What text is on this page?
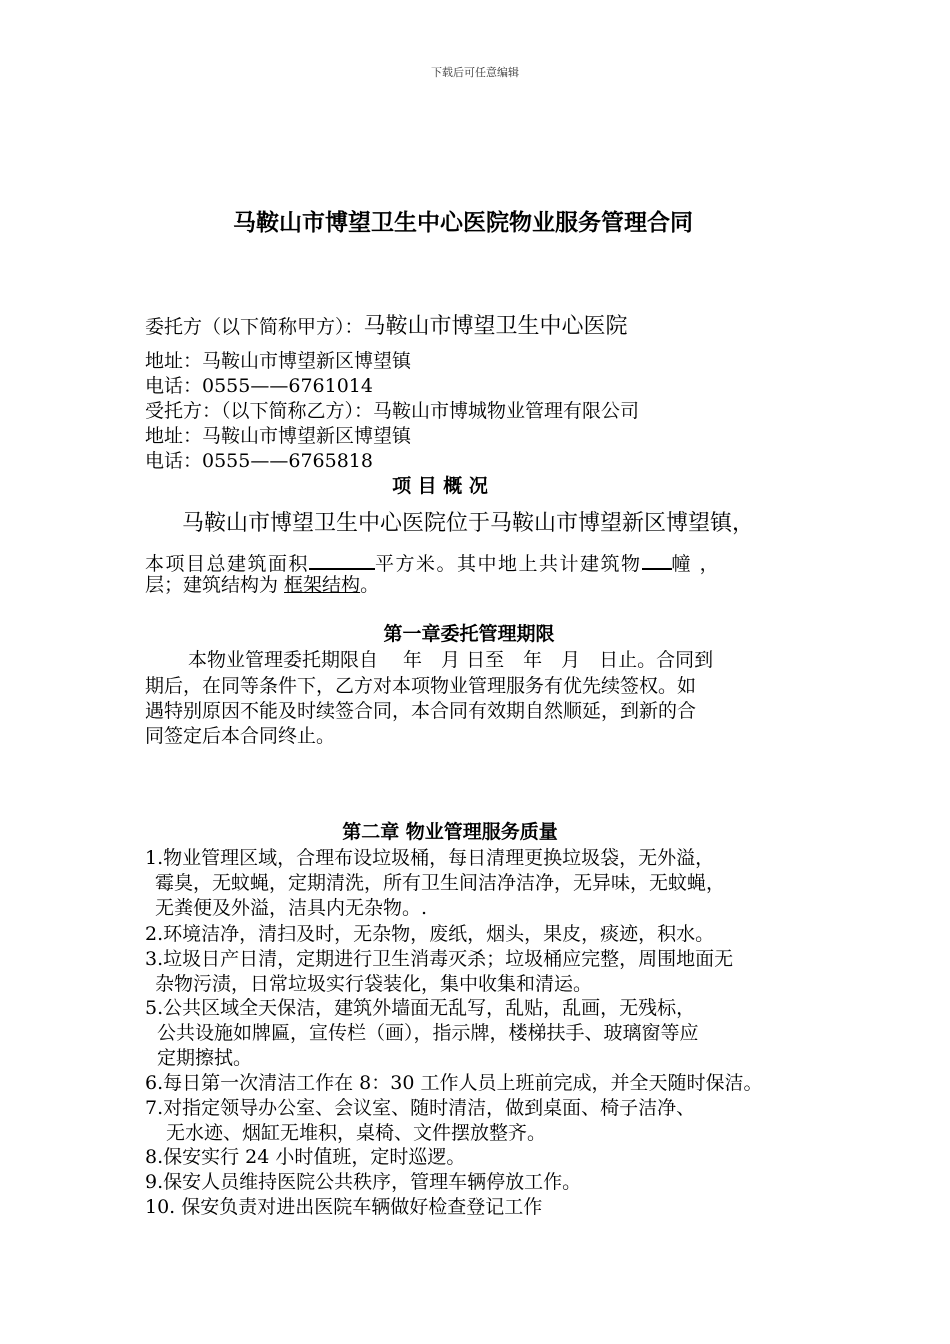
下载后可任意编辑
马鞍山市博望卫生中心医院物业服务管理合同
委托方（以下简称甲方）：马鞍山市博望卫生中心医院
地址：马鞍山市博望新区博望镇
电话：0555——6761014
受托方：（以下简称乙方）：马鞍山市博城物业管理有限公司
地址：马鞍山市博望新区博望镇
电话：0555——6765818
项 目 概 况
马鞍山市博望卫生中心医院位于马鞍山市博望新区博望镇，
本项目总建筑面积	平方米。其中地上共计建筑物 幢 ，
层；建筑结构为 框架结构。
第一章委托管理期限
本物业管理委托期限自　 年　月 日至　年　月　日止。合同到
期后，在同等条件下，乙方对本项物业管理服务有优先续签权。如
遇特别原因不能及时续签合同，本合同有效期自然顺延，到新的合
同签定后本合同终止。
第二章 物业管理服务质量
1.物业管理区域，合理布设垃圾桶，每日清理更换垃圾袋，无外溢，
霉臭，无蚊蝇，定期清洗，所有卫生间洁净洁净，无异味，无蚊蝇，
无粪便及外溢，洁具内无杂物。.
2.环境洁净，清扫及时，无杂物，废纸，烟头，果皮，痰迹，积水。
3.垃圾日产日清，定期进行卫生消毒灭杀；垃圾桶应完整，周围地面无
杂物污渍，日常垃圾实行袋装化，集中收集和清运。
5.公共区域全天保洁，建筑外墙面无乱写，乱贴，乱画，无残标，
公共设施如牌匾，宣传栏（画），指示牌，楼梯扶手、玻璃窗等应
定期擦拭。
6.每日第一次清洁工作在 8：30 工作人员上班前完成，并全天随时保洁。
7.对指定领导办公室、会议室、随时清洁，做到桌面、椅子洁净、
无水迹、烟缸无堆积，桌椅、文件摆放整齐。
8.保安实行 24 小时值班，定时巡逻。
9.保安人员维持医院公共秩序，管理车辆停放工作。
10. 保安负责对进出医院车辆做好检查登记工作
